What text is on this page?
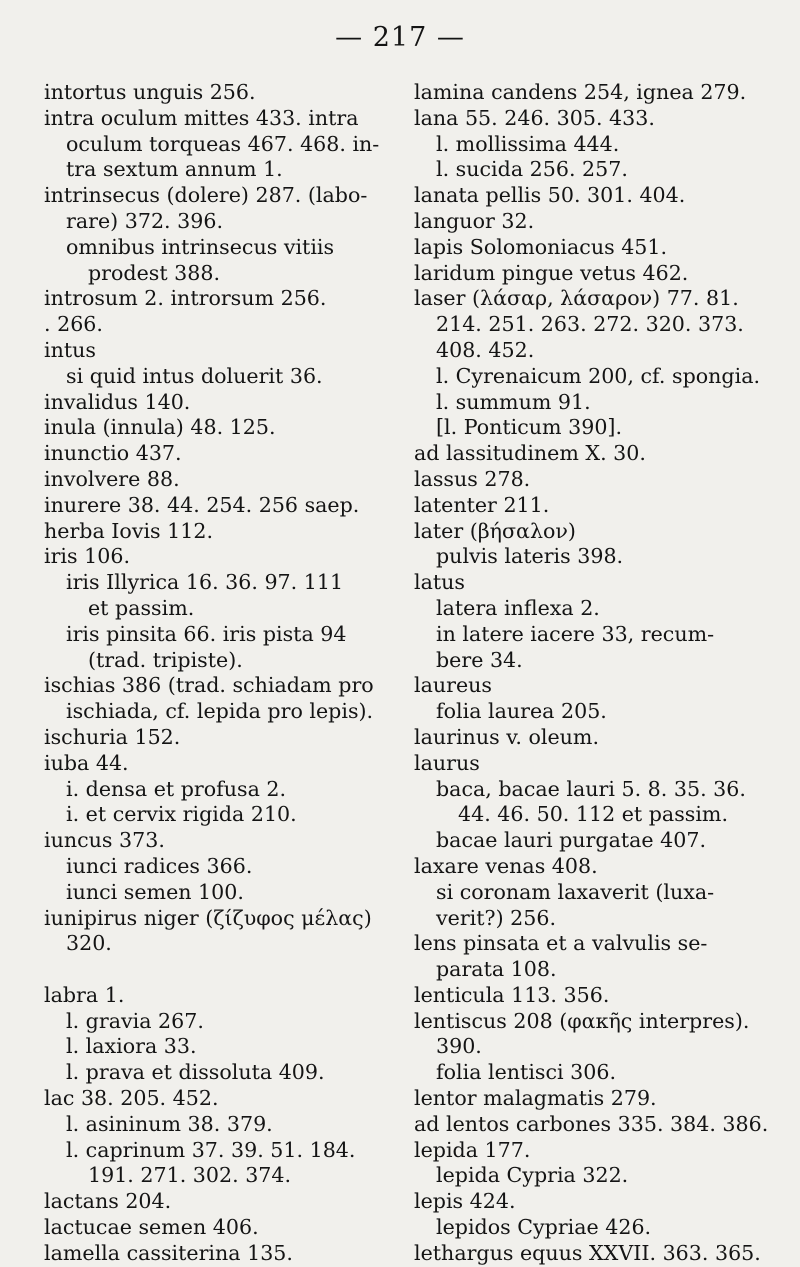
— 217 —
intortus unguis 256.
intra oculum mittes 433. intra
oculum torqueas 467. 468. in-
tra sextum annum 1.
intrinsecus (dolere) 287. (labo-
rare) 372. 396.
omnibus intrinsecus vitiis
prodest 388.
introsum 2. introrsum 256.
. 266.
intus
si quid intus doluerit 36.
invalidus 140.
inula (innula) 48. 125.
inunctio 437.
involvere 88.
inurere 38. 44. 254. 256 saep.
herba Iovis 112.
iris 106.
iris Illyrica 16. 36. 97. 111
et passim.
iris pinsita 66. iris pista 94
(trad. tripiste).
ischias 386 (trad. schiadam pro
ischiada, cf. lepida pro lepis).
ischuria 152.
iuba 44.
i. densa et profusa 2.
i. et cervix rigida 210.
iuncus 373.
iunci radices 366.
iunci semen 100.
iunipirus niger (ζίζυφος μέλας)
320.
labra 1.
l. gravia 267.
l. laxiora 33.
l. prava et dissoluta 409.
lac 38. 205. 452.
l. asininum 38. 379.
l. caprinum 37. 39. 51. 184.
191. 271. 302. 374.
lactans 204.
lactucae semen 406.
lamella cassiterina 135.
lamina candens 254, ignea 279.
lana 55. 246. 305. 433.
l. mollissima 444.
l. sucida 256. 257.
lanata pellis 50. 301. 404.
languor 32.
lapis Solomoniacus 451.
laridum pingue vetus 462.
laser (λάσαρ, λάσαρον) 77. 81.
214. 251. 263. 272. 320. 373.
408. 452.
l. Cyrenaicum 200, cf. spongia.
l. summum 91.
[l. Ponticum 390].
ad lassitudinem X. 30.
lassus 278.
latenter 211.
later (βήσαλον)
pulvis lateris 398.
latus
latera inflexa 2.
in latere iacere 33, recum-
bere 34.
laureus
folia laurea 205.
laurinus v. oleum.
laurus
baca, bacae lauri 5. 8. 35. 36.
44. 46. 50. 112 et passim.
bacae lauri purgatae 407.
laxare venas 408.
si coronam laxaverit (luxa-
verit?) 256.
lens pinsata et a valvulis se-
parata 108.
lenticula 113. 356.
lentiscus 208 (φακῆς interpres).
390.
folia lentisci 306.
lentor malagmatis 279.
ad lentos carbones 335. 384. 386.
lepida 177.
lepida Cypria 322.
lepis 424.
lepidos Cypriae 426.
lethargus equus XXVII. 363. 365.
